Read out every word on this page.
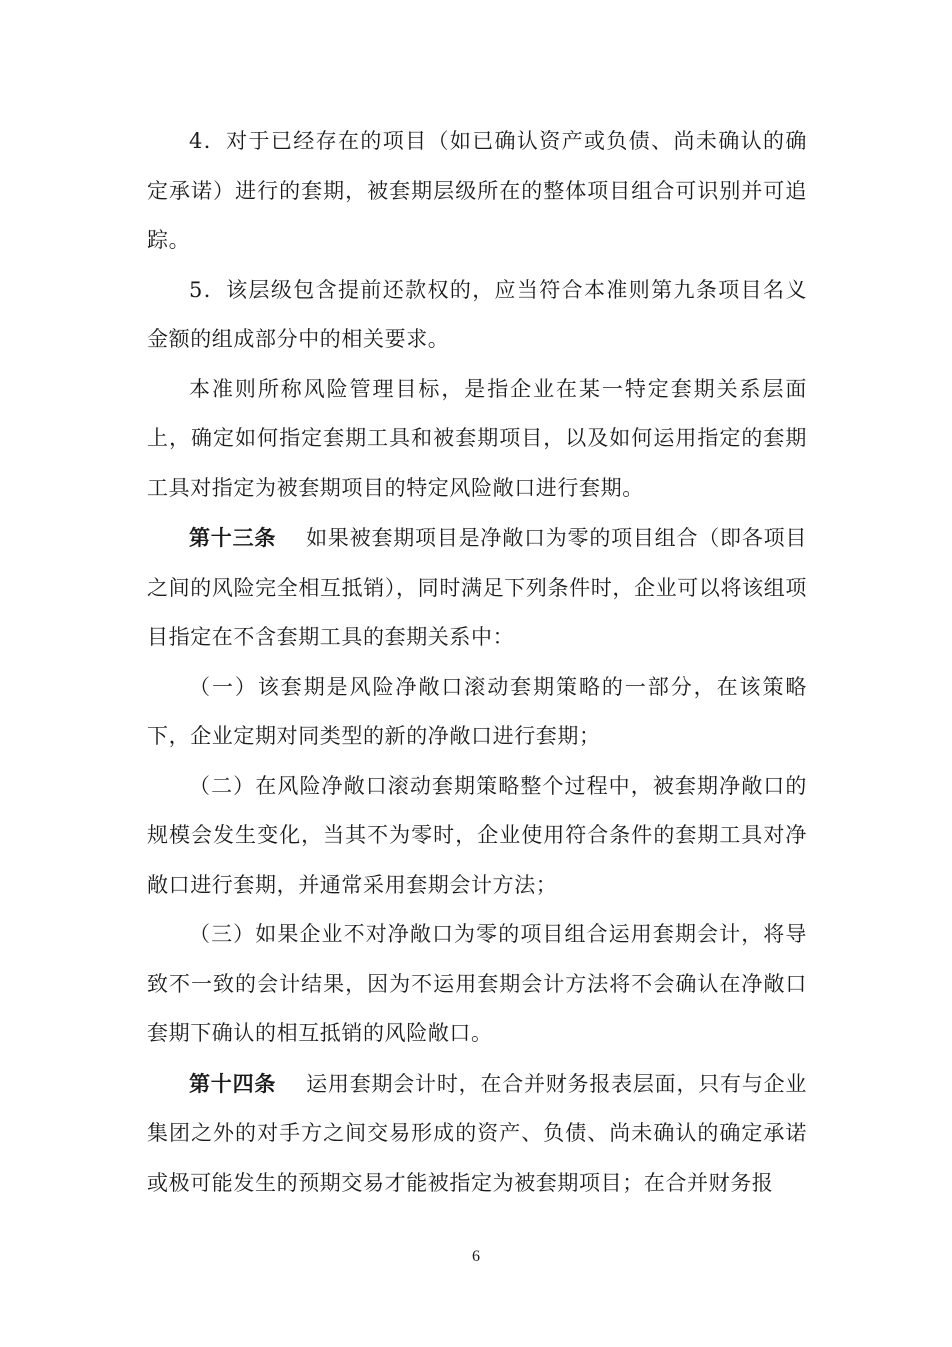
4．对于已经存在的项目（如已确认资产或负债、尚未确认的确定承诺）进行的套期，被套期层级所在的整体项目组合可识别并可追踪。

5．该层级包含提前还款权的，应当符合本准则第九条项目名义金额的组成部分中的相关要求。

本准则所称风险管理目标，是指企业在某一特定套期关系层面上，确定如何指定套期工具和被套期项目，以及如何运用指定的套期工具对指定为被套期项目的特定风险敞口进行套期。

第十三条 如果被套期项目是净敞口为零的项目组合（即各项目之间的风险完全相互抵销），同时满足下列条件时，企业可以将该组项目指定在不含套期工具的套期关系中：

（一）该套期是风险净敞口滚动套期策略的一部分，在该策略下，企业定期对同类型的新的净敞口进行套期；

（二）在风险净敞口滚动套期策略整个过程中，被套期净敞口的规模会发生变化，当其不为零时，企业使用符合条件的套期工具对净敞口进行套期，并通常采用套期会计方法；

（三）如果企业不对净敞口为零的项目组合运用套期会计，将导致不一致的会计结果，因为不运用套期会计方法将不会确认在净敞口套期下确认的相互抵销的风险敞口。

第十四条 运用套期会计时，在合并财务报表层面，只有与企业集团之外的对手方之间交易形成的资产、负债、尚未确认的确定承诺或极可能发生的预期交易才能被指定为被套期项目；在合并财务报

6
